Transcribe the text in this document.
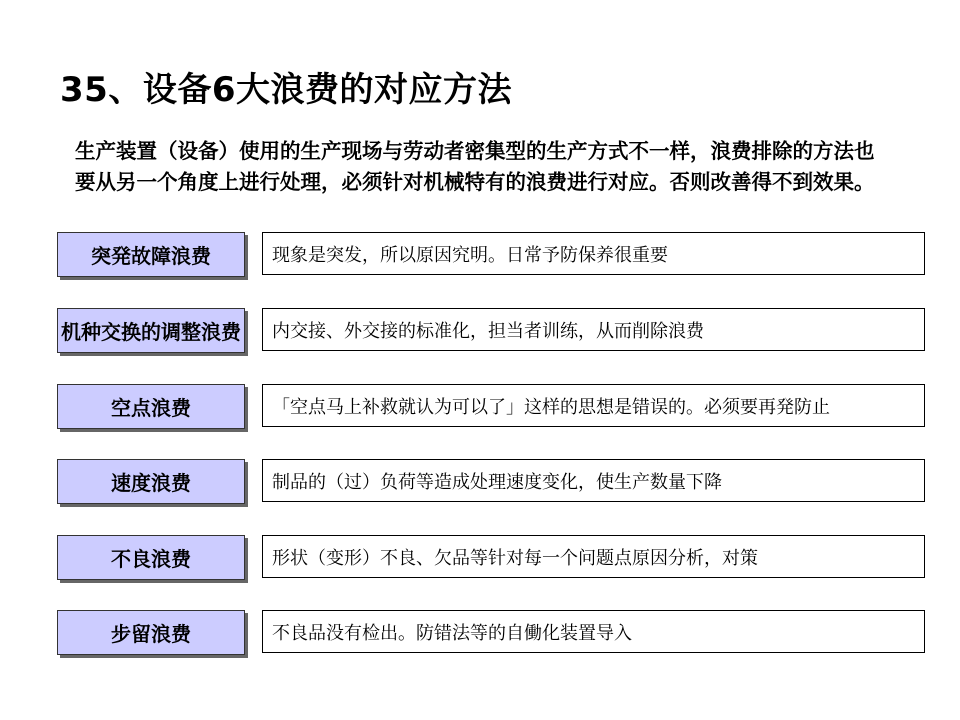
35、设备6大浪费的对应方法
生产装置（设备）使用的生产现场与劳动者密集型的生产方式不一样，浪费排除的方法也
要从另一个角度上进行处理，必须针对机械特有的浪费进行对应。否则改善得不到效果。
突発故障浪费	现象是突发，所以原因究明。日常予防保养很重要
机种交换的调整浪费	内交接、外交接的标准化，担当者训练，从而削除浪费
空点浪费	「空点马上补救就认为可以了」这样的思想是错误的。必须要再発防止
速度浪费	制品的（过）负荷等造成处理速度变化，使生产数量下降
不良浪费	形状（变形）不良、欠品等针对每一个问题点原因分析，对策
步留浪费	不良品没有检出。防错法等的自働化装置导入
